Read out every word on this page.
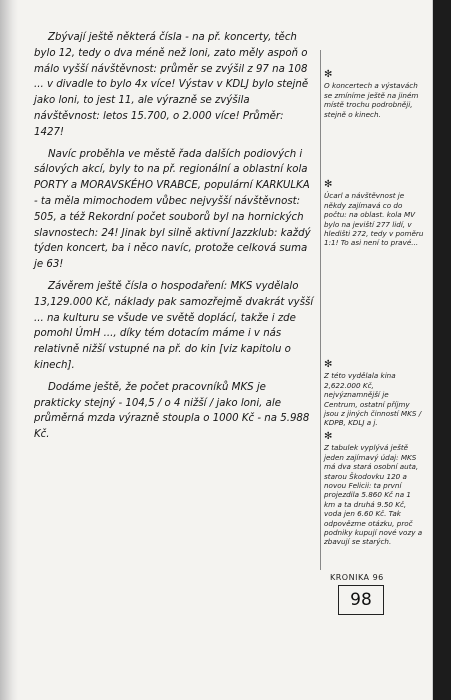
Zbývají ještě některá čísla - na př. koncerty, těch bylo 12, tedy o dva méně než loni, zato měly aspoň o málo vyšší návštěvnost: průměr se zvýšil z 97 na 108 ... v divadle to bylo 4x více! Výstav v KDLJ bylo stejně jako loni, to jest 11, ale výrazně se zvýšila návštěvnost: letos 15.700, o 2.000 více! Průměr: 1427!

Navíc proběhla ve městě řada dalších podiových i sálových akcí, byly to na př. regionální a oblastní kola PORTY a MORAVSKÉHO VRABCE, populární KARKULKA - ta měla mimochodem vůbec nejvyšší návštěvnost: 505, a též Rekordní počet souborů byl na hornických slavnostech: 24! Jinak byl silně aktivní Jazzklub: každý týden koncert, ba i něco navíc, protože celková suma je 63!

Závěrem ještě čísla o hospodaření: MKS vydělalo 13,129.000 Kč, náklady pak samozřejmě dvakrát vyšší ... na kulturu se všude ve světě doplácí, takže i zde pomohl ÚmH ..., díky tém dotacím máme i v nás relativně nižší vstupné na př. do kin [viz kapitolu o kinech].

Dodáme ještě, že počet pracovníků MKS je prakticky stejný - 104,5 / o 4 nižší / jako loni, ale průměrná mzda výrazně stoupla o 1000 Kč - na 5.988 Kč.

✻
O koncertech a výstavách se zmíníme ještě na jiném místě trochu podrobněji, stejně o kinech.
✻
Úcarl a návštěvnost je někdy zajímavá co do počtu: na oblast. kola MV bylo na jeviští 277 lidí, v hledišti 272, tedy v poměru 1:1! To asi není to pravé...
✻
Z této vydělala kina 2,622.000 Kč, nejvýznamnější je Centrum, ostatní příjmy jsou z jiných činností MKS / KDPB, KDLJ a j.
✻
Z tabulek vyplývá ještě jeden zajímavý údaj: MKS má dva stará osobní auta, starou Škodovku 120 a novou Felicii: ta první projezdila 5.860 Kč na 1 km a ta druhá 9.50 Kč, voda jen 6.60 Kč. Tak odpovězme otázku, proč podniky kupují nové vozy a zbavují se starých.
KRONIKA 96
98
